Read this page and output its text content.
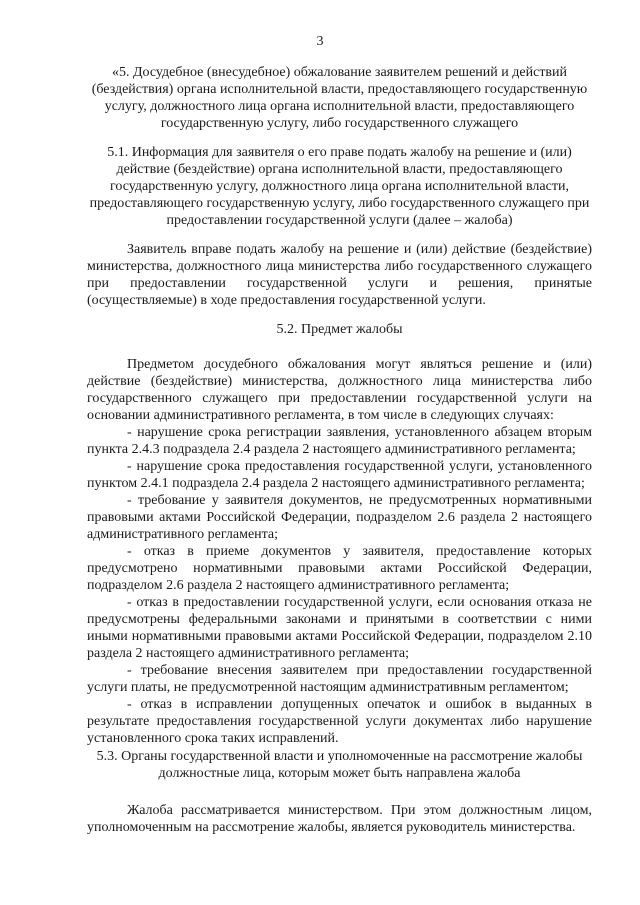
3

«5. Досудебное (внесудебное) обжалование заявителем решений и действий (бездействия) органа исполнительной власти, предоставляющего государственную услугу, должностного лица органа исполнительной власти, предоставляющего государственную услугу, либо государственного служащего

5.1. Информация для заявителя о его праве подать жалобу на решение и (или) действие (бездействие) органа исполнительной власти, предоставляющего государственную услугу, должностного лица органа исполнительной власти, предоставляющего государственную услугу, либо государственного служащего при предоставлении государственной услуги (далее – жалоба)

Заявитель вправе подать жалобу на решение и (или) действие (бездействие) министерства, должностного лица министерства либо государственного служащего при предоставлении государственной услуги и решения, принятые (осуществляемые) в ходе предоставления государственной услуги.

5.2. Предмет жалобы

Предметом досудебного обжалования могут являться решение и (или) действие (бездействие) министерства, должностного лица министерства либо государственного служащего при предоставлении государственной услуги на основании административного регламента, в том числе в следующих случаях:

- нарушение срока регистрации заявления, установленного абзацем вторым пункта 2.4.3 подраздела 2.4 раздела 2 настоящего административного регламента;

- нарушение срока предоставления государственной услуги, установленного пунктом 2.4.1 подраздела 2.4 раздела 2 настоящего административного регламента;

- требование у заявителя документов, не предусмотренных нормативными правовыми актами Российской Федерации, подразделом 2.6 раздела 2 настоящего административного регламента;

- отказ в приеме документов у заявителя, предоставление которых предусмотрено нормативными правовыми актами Российской Федерации, подразделом 2.6 раздела 2 настоящего административного регламента;

- отказ в предоставлении государственной услуги, если основания отказа не предусмотрены федеральными законами и принятыми в соответствии с ними иными нормативными правовыми актами Российской Федерации, подразделом 2.10 раздела 2 настоящего административного регламента;

- требование внесения заявителем при предоставлении государственной услуги платы, не предусмотренной настоящим административным регламентом;

- отказ в исправлении допущенных опечаток и ошибок в выданных в результате предоставления государственной услуги документах либо нарушение установленного срока таких исправлений.

5.3. Органы государственной власти и уполномоченные на рассмотрение жалобы должностные лица, которым может быть направлена жалоба

Жалоба рассматривается министерством. При этом должностным лицом, уполномоченным на рассмотрение жалобы, является руководитель министерства.
